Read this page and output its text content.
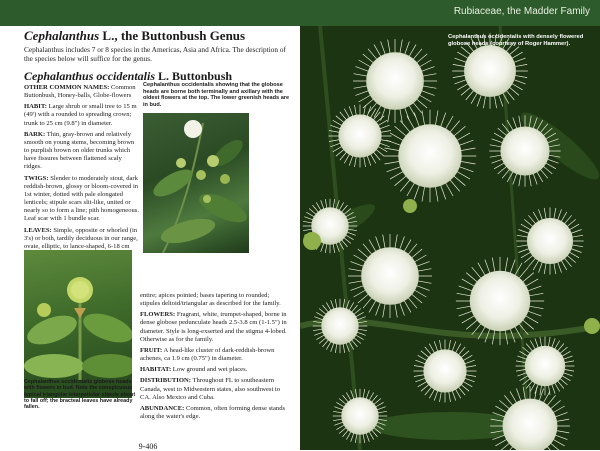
Rubiaceae, the Madder Family
Cephalanthus L., the Buttonbush Genus
Cephalanthus includes 7 or 8 species in the Americas, Asia and Africa. The description of the species below will suffice for the genus.
Cephalanthus occidentalis L. Buttonbush

OTHER COMMON NAMES: Common Buttonbush, Honey-balls, Globe-flowers

HABIT: Large shrub or small tree to 15 m (49') with a rounded to spreading crown; trunk to 25 cm (9.8") in diameter.

BARK: Thin, gray-brown and relatively smooth on young stems, becoming brown to purplish brown on older trunks which have fissures between flattened scaly ridges.

TWIGS: Slender to moderately stout, dark reddish-brown, glossy or bloom-covered in 1st winter, dotted with pale elongated lenticels; stipule scars slit-like, united or nearly so to form a line; pith homogeneous. Leaf scar with 1 bundle scar.

LEAVES: Simple, opposite or whorled (in 3's) or both, tardily deciduous in our range, ovate, elliptic, to lance-shaped, 6-18 cm

Cephalanthus occidentalis showing that the globose heads are borne both terminally and axillary with the oldest flowers at the top. The lower greenish heads are in bud.
Cephalanthus occidentalis globose heads with flowers in bud. Note the conspicuous typical triangular interpetiolar stipule about to fall off; the bracteal leaves have already fallen.

entire; apices pointed; bases tapering to rounded; stipules deltoid/triangular as described for the family.

FLOWERS: Fragrant, white, trumpet-shaped, borne in dense globose pedunculate heads 2.5-3.8 cm (1-1.5") in diameter. Style is long-exserted and the stigma 4-lobed. Otherwise as for the family.

FRUIT: A head-like cluster of dark-reddish-brown achenes, ca 1.9 cm (0.75") in diameter.

HABITAT: Low ground and wet places.

DISTRIBUTION: Throughout FL to southeastern Canada, west to Midwestern states, also southwest to CA. Also Mexico and Cuba.

ABUNDANCE: Common, often forming dense stands along the water's edge.

9-406
Cephalanthus occidentalis with densely flowered globose heads (courtesy of Roger Hammer).
